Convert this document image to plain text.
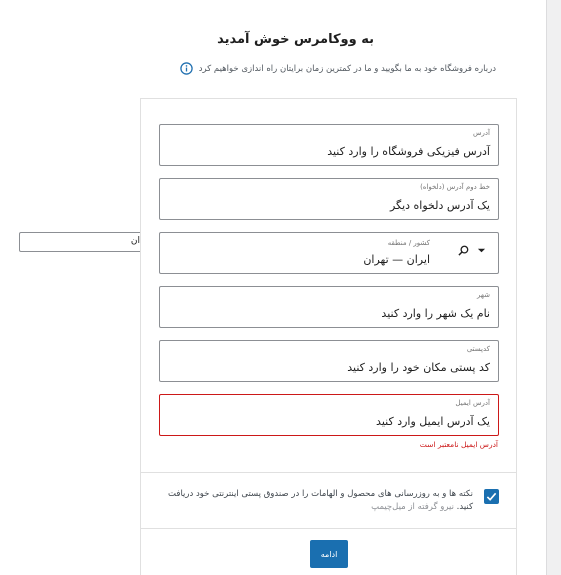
به ووکامرس خوش آمدید
درباره فروشگاه خود به ما بگویید و ما در کمترین زمان برایتان راه اندازی خواهیم کرد
ان
آدرس
آدرس فیزیکی فروشگاه را وارد کنید
خط دوم آدرس (دلخواه)
یک آدرس دلخواه دیگر
کشور / منطقه
ایران — تهران
شهر
نام یک شهر را وارد کنید
کدپستی
کد پستی مکان خود را وارد کنید
آدرس ایمیل
یک آدرس ایمیل وارد کنید
آدرس ایمیل نامعتبر است
نکته ها و به روزرسانی های محصول و الهامات را در صندوق پستی اینترنتی خود دریافت کنید. نیرو گرفته از میل‌چیمپ
ادامه
